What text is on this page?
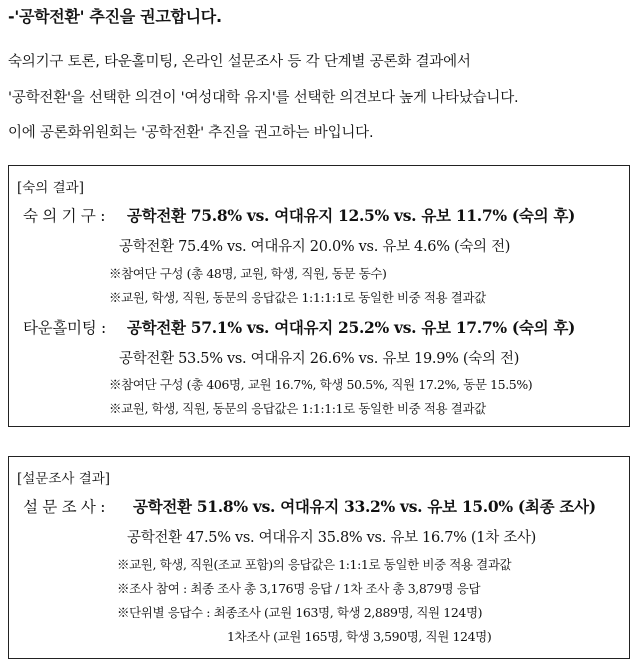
-'공학전환' 추진을 권고합니다.
숙의기구 토론, 타운홀미팅, 온라인 설문조사 등 각 단계별 공론화 결과에서
'공학전환'을 선택한 의견이 '여성대학 유지'를 선택한 의견보다 높게 나타났습니다.
이에 공론화위원회는 '공학전환' 추진을 권고하는 바입니다.
[숙의 결과]
숙 의 기 구 : 공학전환 75.8% vs. 여대유지 12.5% vs. 유보 11.7% (숙의 후)
공학전환 75.4% vs. 여대유지 20.0% vs. 유보 4.6% (숙의 전)
※참여단 구성 (총 48명, 교원, 학생, 직원, 동문 동수)
※교원, 학생, 직원, 동문의 응답값은 1:1:1:1로 동일한 비중 적용 결과값
타운홀미팅 : 공학전환 57.1% vs. 여대유지 25.2% vs. 유보 17.7% (숙의 후)
공학전환 53.5% vs. 여대유지 26.6% vs. 유보 19.9% (숙의 전)
※참여단 구성 (총 406명, 교원 16.7%, 학생 50.5%, 직원 17.2%, 동문 15.5%)
※교원, 학생, 직원, 동문의 응답값은 1:1:1:1로 동일한 비중 적용 결과값
[설문조사 결과]
설 문 조 사 : 공학전환 51.8% vs. 여대유지 33.2% vs. 유보 15.0% (최종 조사)
공학전환 47.5% vs. 여대유지 35.8% vs. 유보 16.7% (1차 조사)
※교원, 학생, 직원(조교 포함)의 응답값은 1:1:1로 동일한 비중 적용 결과값
※조사 참여 : 최종 조사 총 3,176명 응답 / 1차 조사 총 3,879명 응답
※단위별 응답수 : 최종조사 (교원 163명, 학생 2,889명, 직원 124명)
1차조사 (교원 165명, 학생 3,590명, 직원 124명)
